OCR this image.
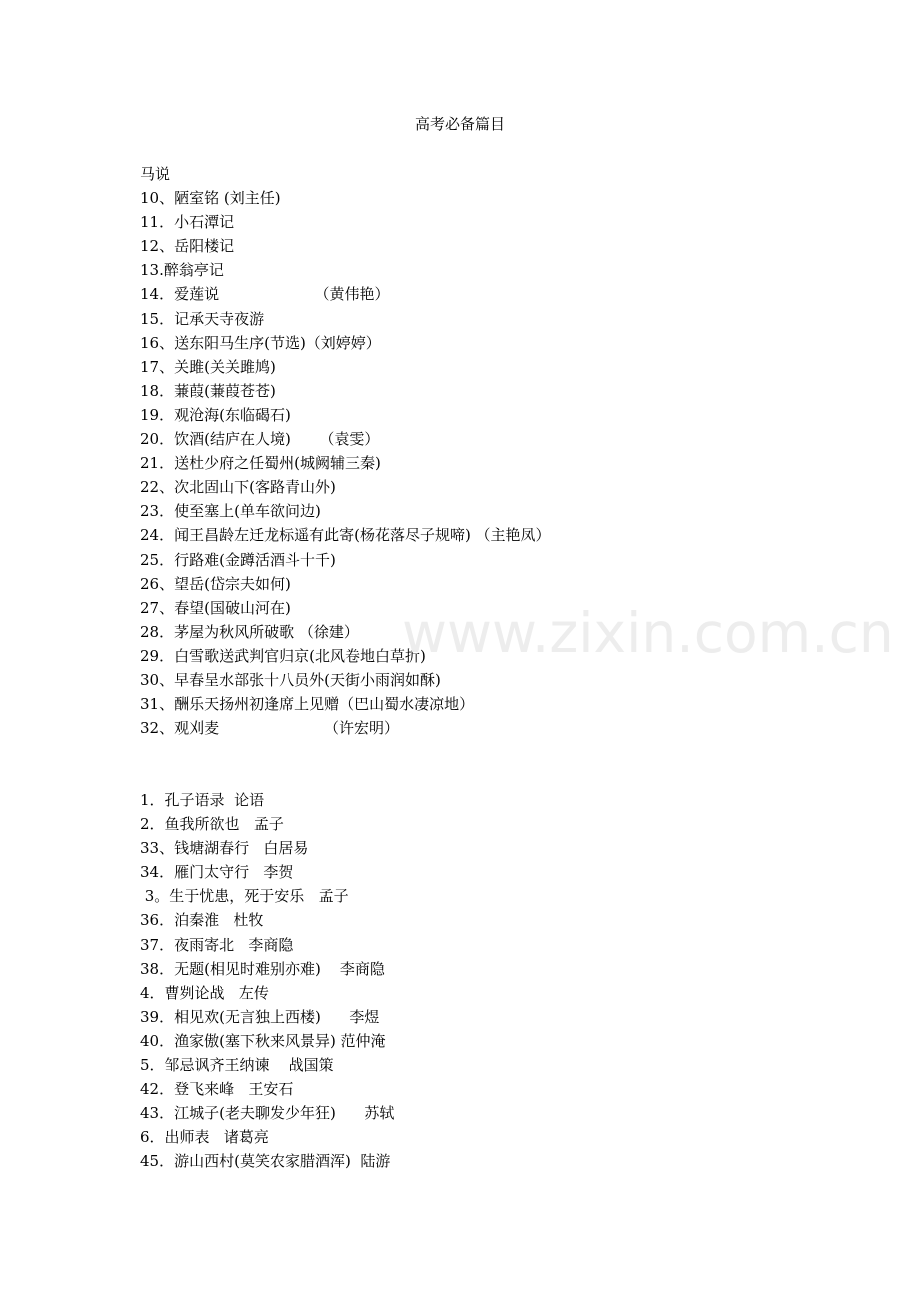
高考必备篇目
马说
10、陋室铭 (刘主任)
11．小石潭记
12、岳阳楼记
13.醉翁亭记
14．爱莲说                    （黄伟艳）
15．记承天寺夜游
16、送东阳马生序(节选)（刘婷婷）
17、关雎(关关雎鸠)
18．蒹葭(蒹葭苍苍)
19．观沧海(东临碣石)
20．饮酒(结庐在人境)      （袁雯）
21．送杜少府之任蜀州(城阙辅三秦)
22、次北固山下(客路青山外)
23．使至塞上(单车欲问边)
24．闻王昌龄左迁龙标遥有此寄(杨花落尽子规啼) （主艳凤）
25．行路难(金蹲活酒斗十千)
26、望岳(岱宗夫如何)
27、春望(国破山河在)
28．茅屋为秋风所破歌 （徐建）
29．白雪歌送武判官归京(北风卷地白草折)
30、早春呈水部张十八员外(天街小雨润如酥)
31、酬乐天扬州初逢席上见赠（巴山蜀水凄凉地）
32、观刈麦                      （许宏明）
1．孔子语录  论语
2．鱼我所欲也   孟子
33、钱塘湖春行   白居易
34．雁门太守行   李贺
3。生于忧患，死于安乐   孟子
36．泊秦淮   杜牧
37．夜雨寄北   李商隐
38．无题(相见时难别亦难)    李商隐
4．曹刿论战   左传
39．相见欢(无言独上西楼)      李煜
40．渔家傲(塞下秋来风景异) 范仲淹
5．邹忌讽齐王纳谏    战国策
42．登飞来峰   王安石
43．江城子(老夫聊发少年狂)      苏轼
6．出师表   诸葛亮
45．游山西村(莫笑农家腊酒浑)  陆游
www.zixin.com.cn
